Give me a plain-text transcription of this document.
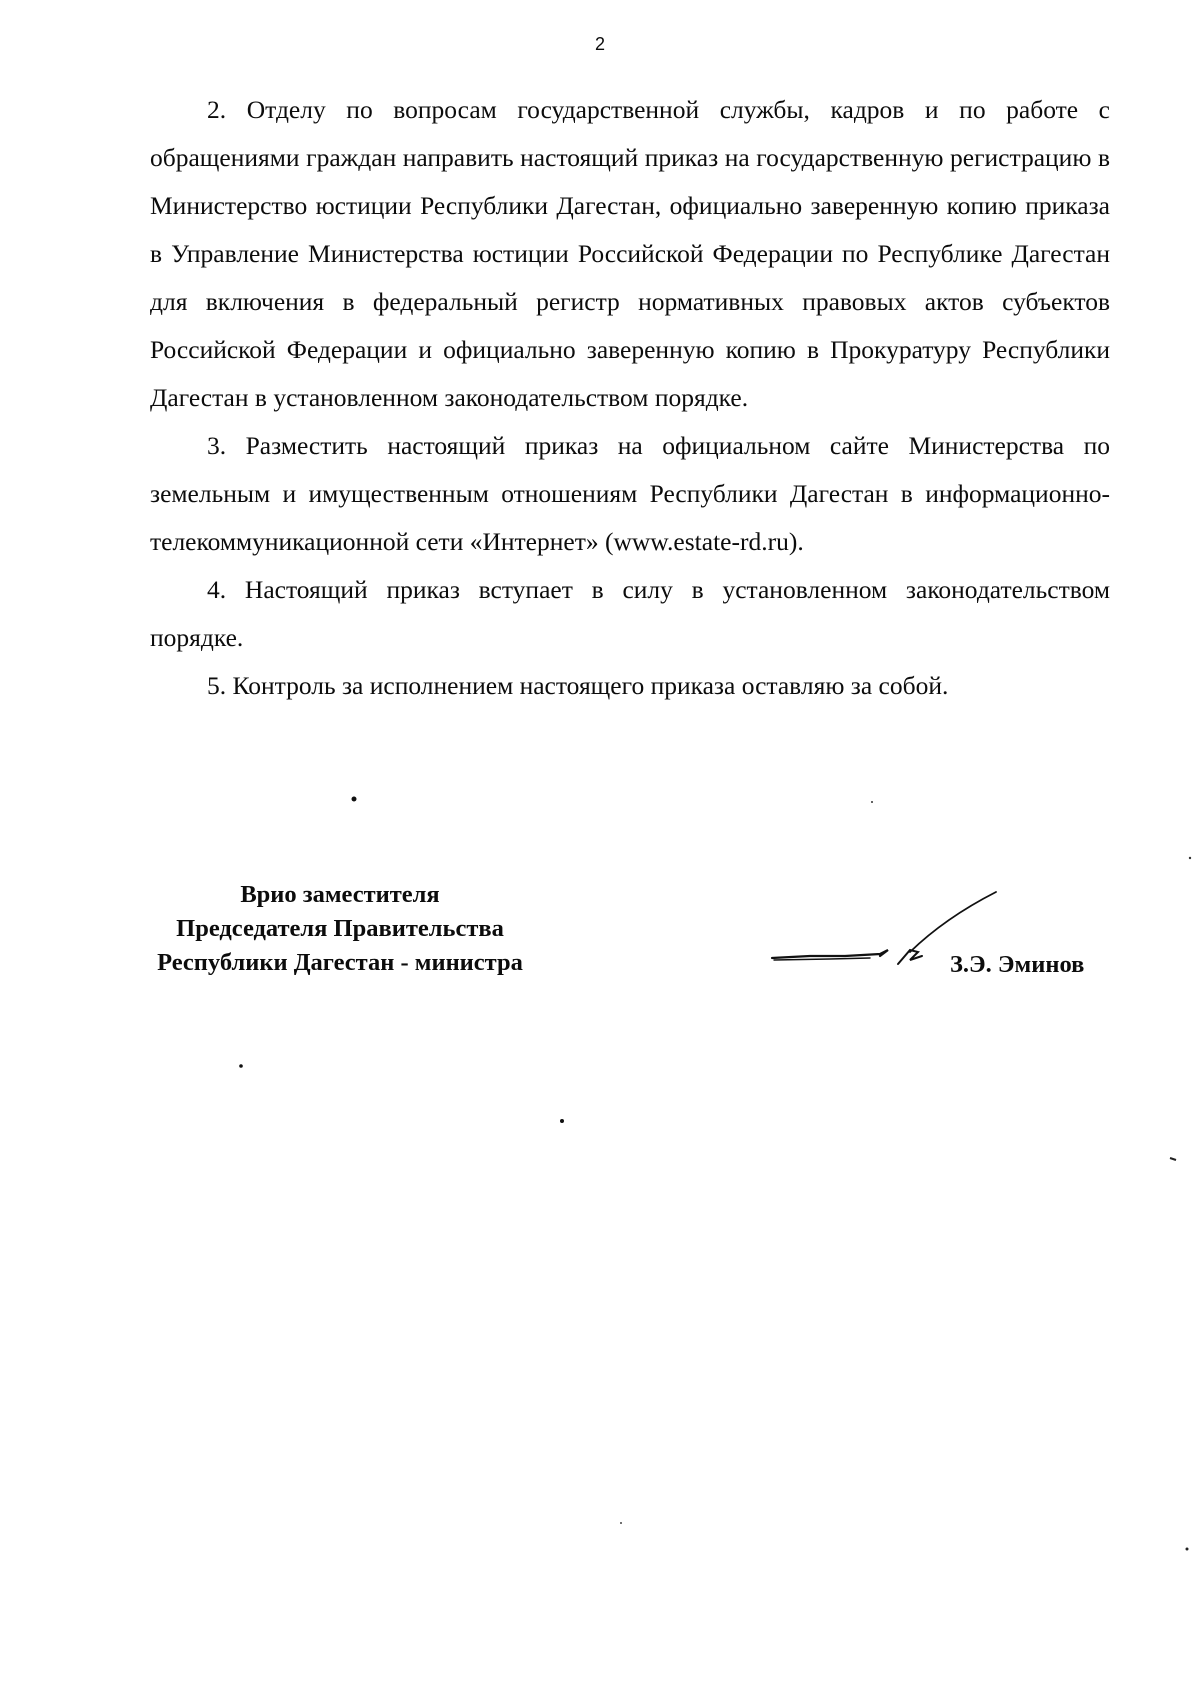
2

2. Отделу по вопросам государственной службы, кадров и по работе с обращениями граждан направить настоящий приказ на государственную регистрацию в Министерство юстиции Республики Дагестан, официально заверенную копию приказа в Управление Министерства юстиции Российской Федерации по Республике Дагестан для включения в федеральный регистр нормативных правовых актов субъектов Российской Федерации и официально заверенную копию в Прокуратуру Республики Дагестан в установленном законодательством порядке.

3. Разместить настоящий приказ на официальном сайте Министерства по земельным и имущественным отношениям Республики Дагестан в информационно-телекоммуникационной сети «Интернет» (www.estate-rd.ru).

4. Настоящий приказ вступает в силу в установленном законодательством порядке.

5. Контроль за исполнением настоящего приказа оставляю за собой.

Врио заместителя
Председателя Правительства
Республики Дагестан - министра	З.Э. Эминов
